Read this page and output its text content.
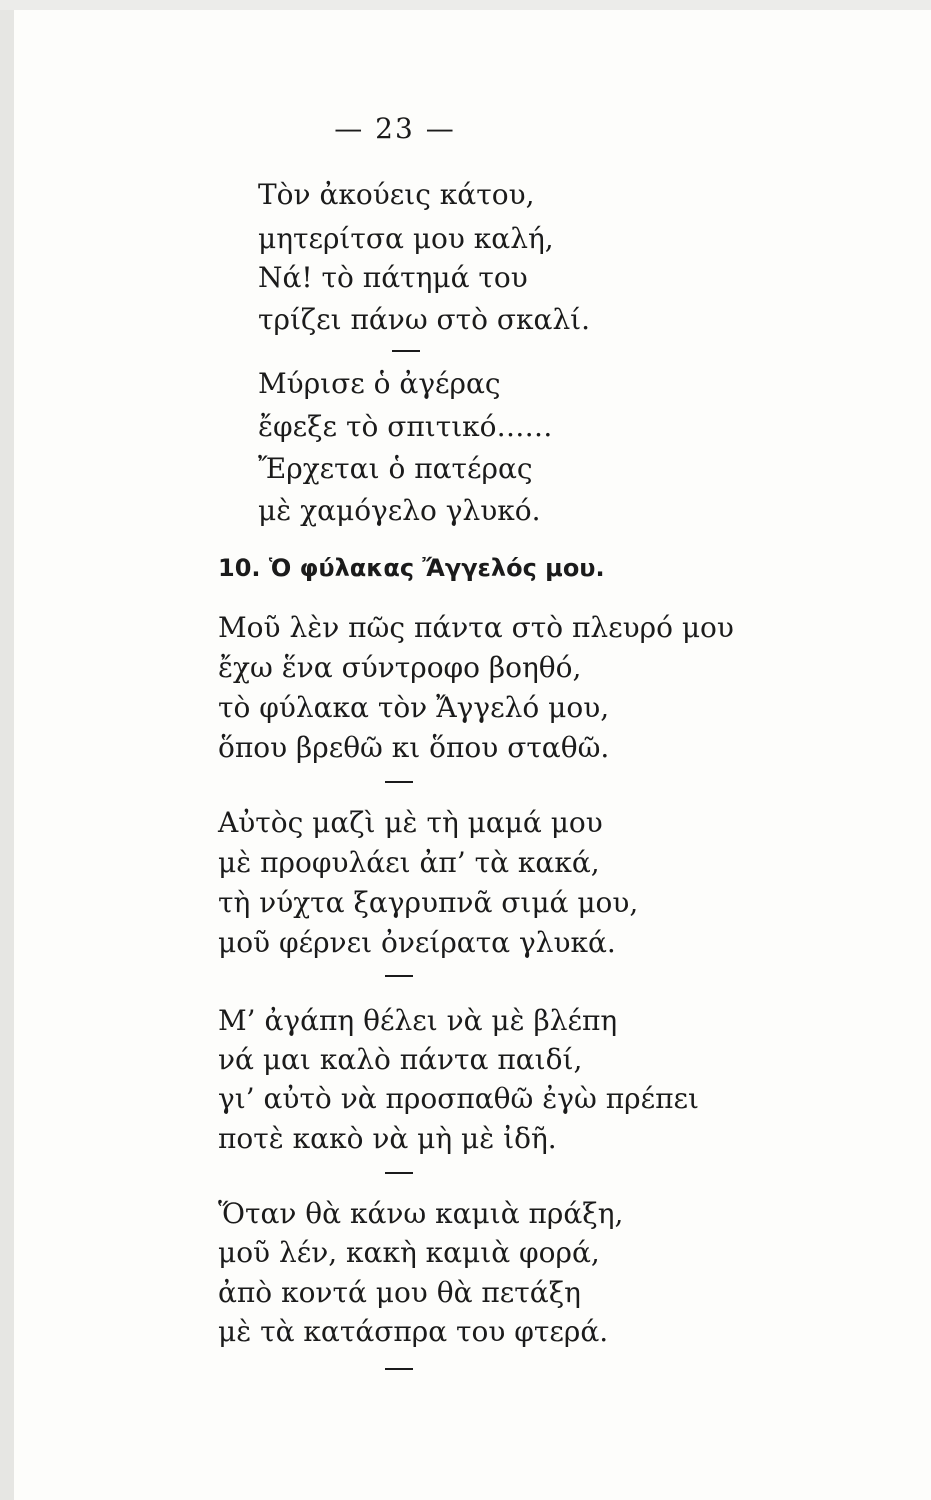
— 23 —
Τὸν ἀκούεις κάτου,
μητερίτσα μου καλή,
Νά! τὸ πάτημά του
τρίζει πάνω στὸ σκαλί.
Μύρισε ὁ ἀγέρας
ἔφεξε τὸ σπιτικό……
Ἔρχεται ὁ πατέρας
μὲ χαμόγελο γλυκό.
10. Ὁ φύλακας Ἄγγελός μου.
Μοῦ λὲν πῶς πάντα στὸ πλευρό μου
ἔχω ἕνα σύντροφο βοηθό,
τὸ φύλακα τὸν Ἄγγελό μου,
ὅπου βρεθῶ κι ὅπου σταθῶ.
Αὐτὸς μαζὶ μὲ τὴ μαμά μου
μὲ προφυλάει ἀπ’ τὰ κακά,
τὴ νύχτα ξαγρυπνᾶ σιμά μου,
μοῦ φέρνει ὀνείρατα γλυκά.
Μ’ ἀγάπη θέλει νὰ μὲ βλέπη
νά μαι καλὸ πάντα παιδί,
γι’ αὐτὸ νὰ προσπαθῶ ἐγὼ πρέπει
ποτὲ κακὸ νὰ μὴ μὲ ἰδῆ.
Ὅταν θὰ κάνω καμιὰ πράξη,
μοῦ λέν, κακὴ καμιὰ φορά,
ἀπὸ κοντά μου θὰ πετάξη
μὲ τὰ κατάσπρα του φτερά.
